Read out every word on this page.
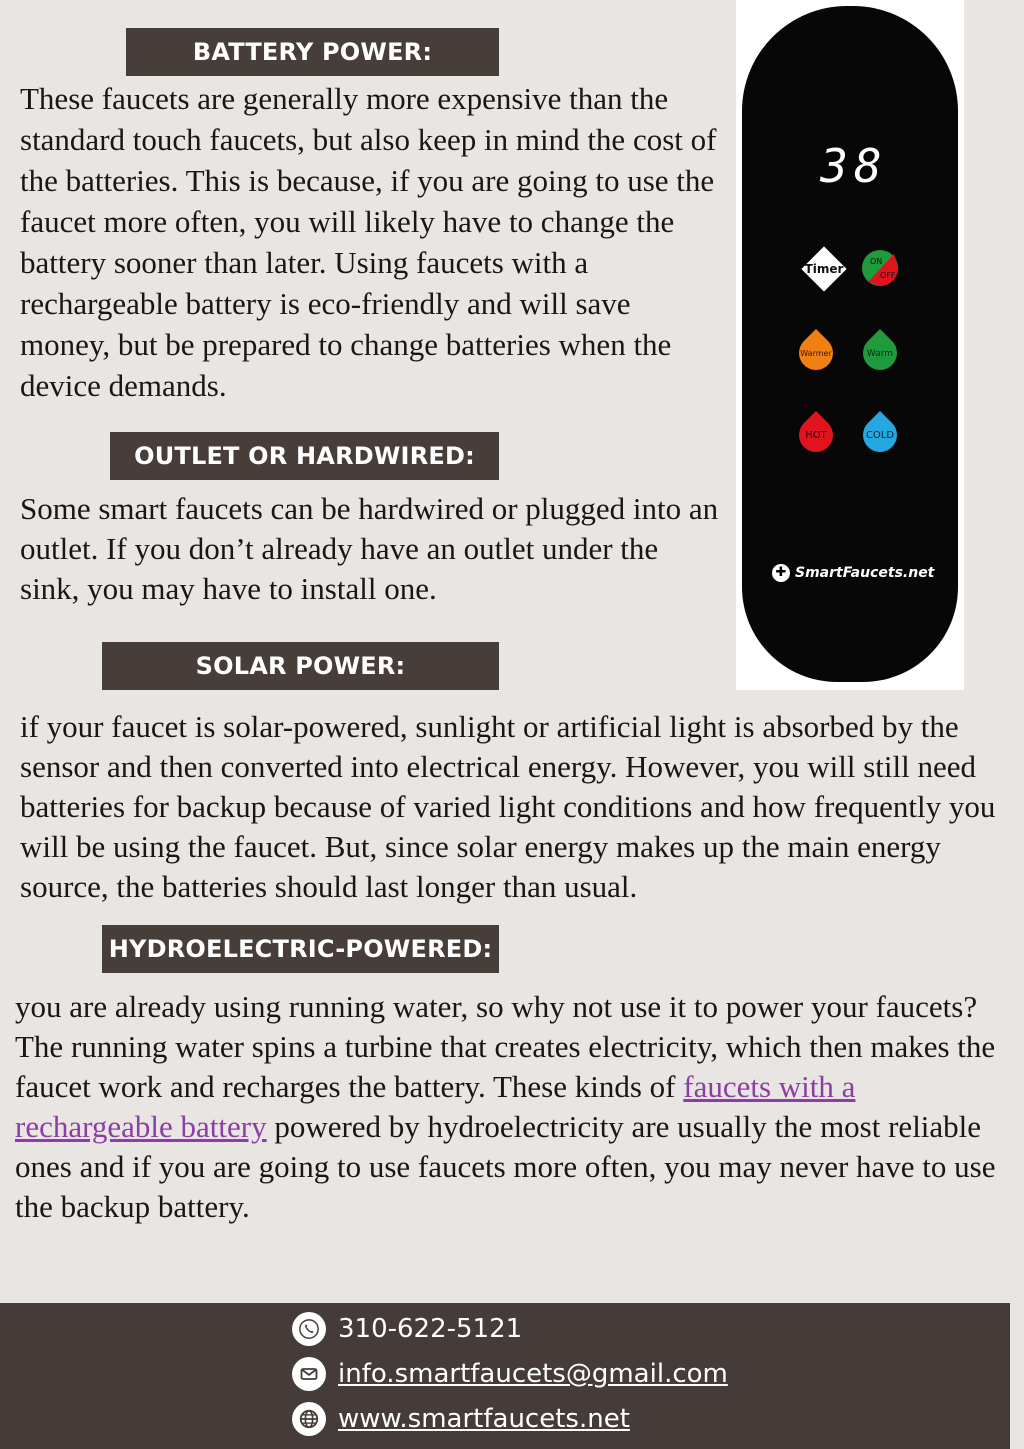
BATTERY POWER:

These faucets are generally more expensive than the standard touch faucets, but also keep in mind the cost of the batteries. This is because, if you are going to use the faucet more often, you will likely have to change the battery sooner than later. Using faucets with a rechargeable battery is eco-friendly and will save money, but be prepared to change batteries when the device demands.

OUTLET OR HARDWIRED:

Some smart faucets can be hardwired or plugged into an outlet. If you don’t already have an outlet under the sink, you may have to install one.

SOLAR POWER:

if your faucet is solar-powered, sunlight or artificial light is absorbed by the sensor and then converted into electrical energy. However, you will still need batteries for backup because of varied light conditions and how frequently you will be using the faucet. But, since solar energy makes up the main energy source, the batteries should last longer than usual.

HYDROELECTRIC-POWERED:

you are already using running water, so why not use it to power your faucets? The running water spins a turbine that creates electricity, which then makes the faucet work and recharges the battery. These kinds of faucets with a rechargeable battery powered by hydroelectricity are usually the most reliable ones and if you are going to use faucets more often, you may never have to use the backup battery.

38
Timer
ON
OFF
Warmer	Warm
HOT	COLD
✚ SmartFaucets.net
310-622-5121
info.smartfaucets@gmail.com
www.smartfaucets.net
